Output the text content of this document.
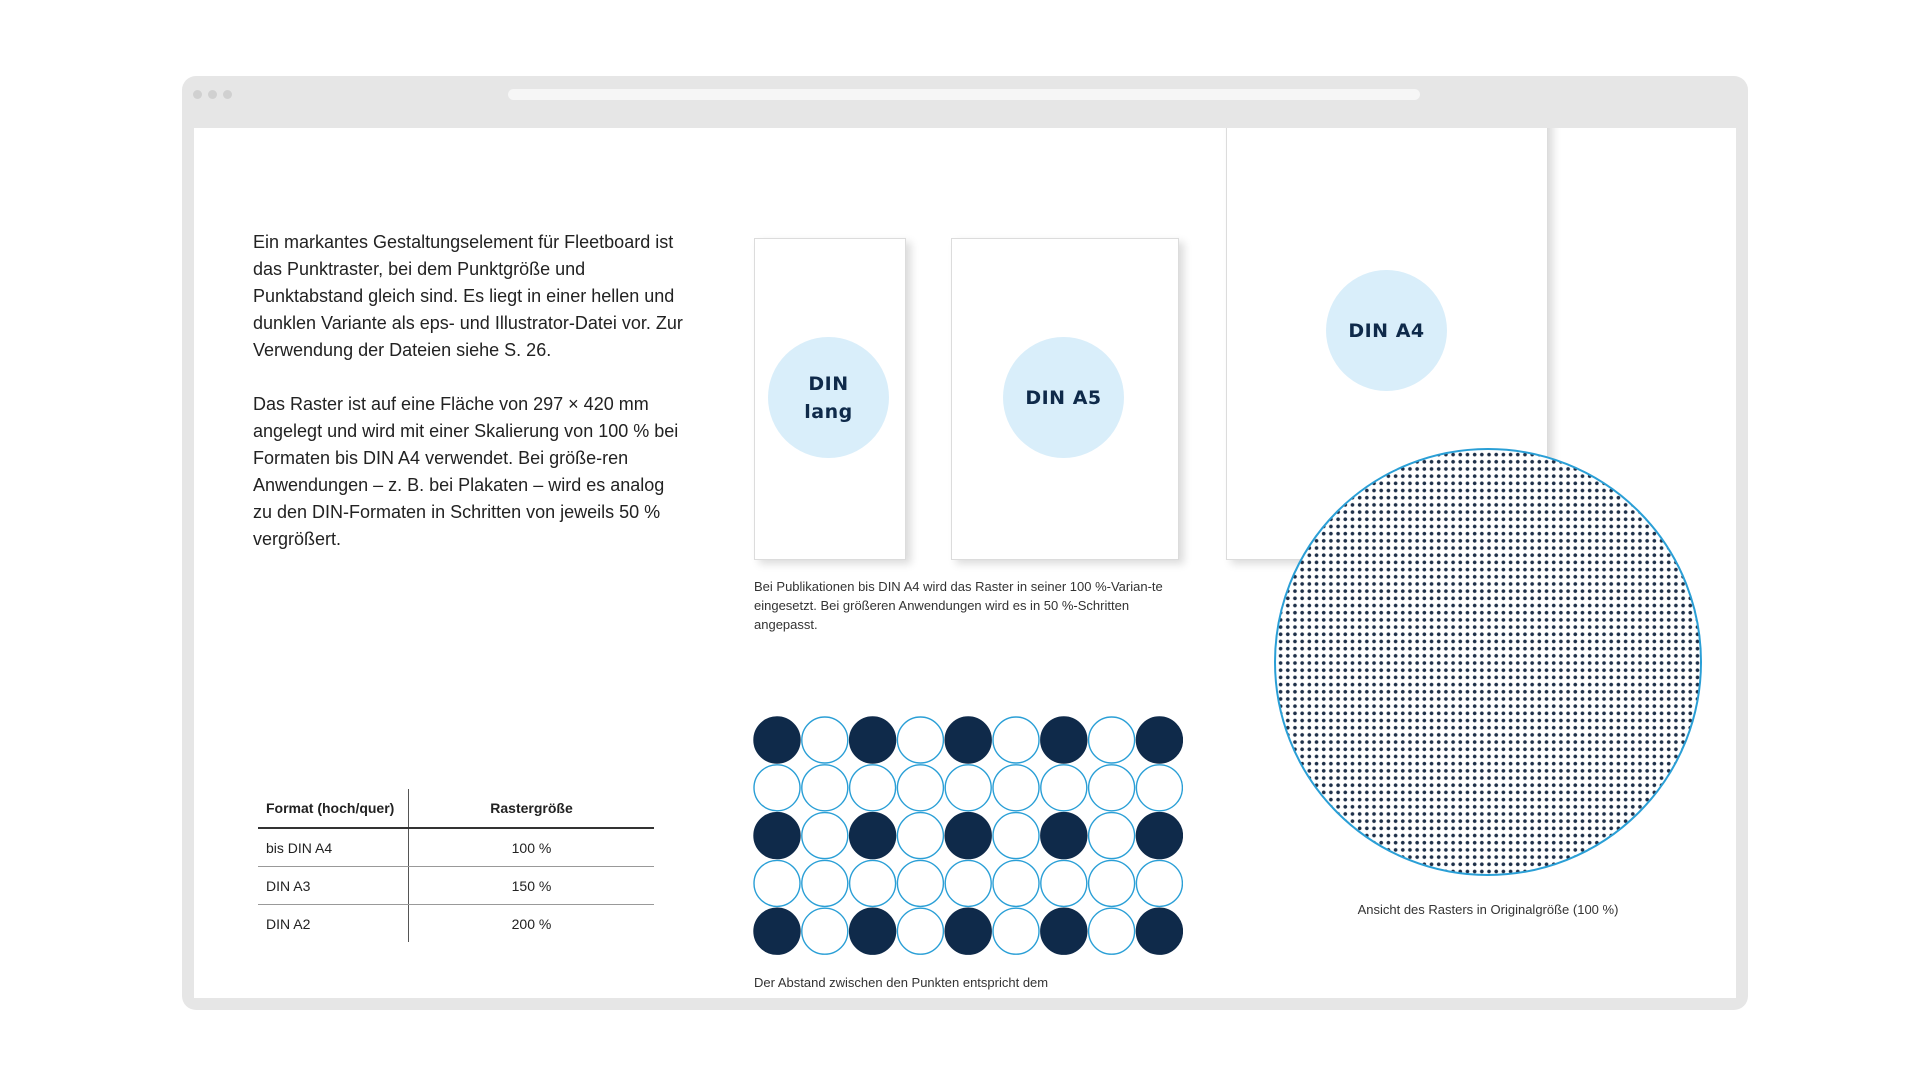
Ein markantes Gestaltungselement für Fleetboard ist das Punktraster, bei dem Punktgröße und Punktabstand gleich sind. Es liegt in einer hellen und dunklen Variante als eps- und Illustrator-Datei vor. Zur Verwendung der Dateien siehe S. 26.

Das Raster ist auf eine Fläche von 297 × 420 mm angelegt und wird mit einer Skalierung von 100 % bei Formaten bis DIN A4 verwendet. Bei größe-ren Anwendungen – z. B. bei Plakaten – wird es analog zu den DIN-Formaten in Schritten von jeweils 50 % vergrößert.

DIN
lang
DIN A5
DIN A4
Bei Publikationen bis DIN A4 wird das Raster in seiner 100 %-Varian-te eingesetzt. Bei größeren Anwendungen wird es in 50 %-Schritten angepasst.
Ansicht des Rasters in Originalgröße (100 %)
Der Abstand zwischen den Punkten entspricht dem
Format (hoch/quer)	Rastergröße
bis DIN A4	100 %
DIN A3	150 %
DIN A2	200 %
